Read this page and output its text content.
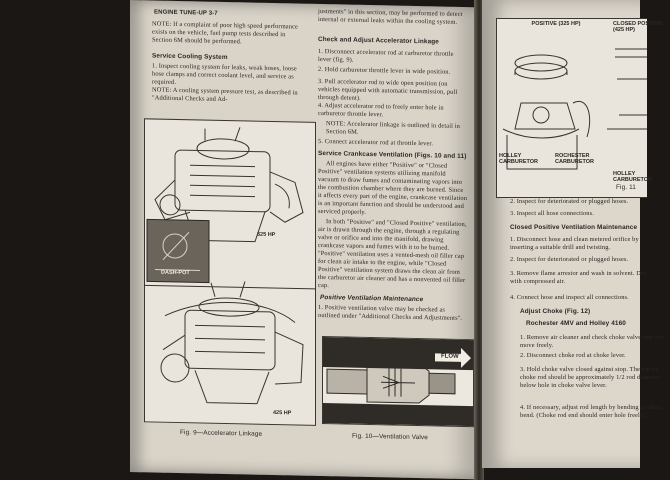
ENGINE TUNE-UP 3-7

NOTE: If a complaint of poor high speed performance exists on the vehicle, fuel pump tests described in Section 6M should be performed.

Service Cooling System

1. Inspect cooling system for leaks, weak hoses, loose hose clamps and correct coolant level, and service as required.

NOTE: A cooling system pressure test, as described in "Additional Checks and Ad-

325 HP
DASH-POT
425 HP
Fig. 9—Accelerator Linkage

justments" in this section, may be performed to detect internal or external leaks within the cooling system.

Check and Adjust Accelerator Linkage

1. Disconnect accelerator rod at carburetor throttle lever (fig. 9).

2. Hold carburetor throttle lever in wide position.

3. Pull accelerator rod to wide open position (on vehicles equipped with automatic transmission, pull through detent).

4. Adjust accelerator rod to freely enter hole in carburetor throttle lever.

NOTE: Accelerator linkage is outlined in detail in Section 6M.

5. Connect accelerator rod at throttle lever.

Service Crankcase Ventilation (Figs. 10 and 11)

All engines have either "Positive" or "Closed Positive" ventilation systems utilizing manifold vacuum to draw fumes and contaminating vapors into the combustion chamber where they are burned. Since it affects every part of the engine, crankcase ventilation is an important function and should be understood and serviced properly.

In both "Positive" and "Closed Positive" ventilation, air is drawn through the engine, through a regulating valve or orifice and into the manifold, drawing crankcase vapors and fumes with it to be burned. "Positive" ventilation uses a vented-mesh oil filler cap for clean air intake to the engine, while "Closed Positive" ventilation system draws the clean air from the carburetor air cleaner and has a nonvented oil filler cap.

Positive Ventilation Maintenance

1. Positive ventilation valve may be checked as outlined under "Additional Checks and Adjustments".

FLOW
Fig. 10—Ventilation Valve
POSITIVE (325 HP)	CLOSED POSITIVE (425 HP)
HOLLEY CARBURETOR
ROCHESTER CARBURETOR
HOLLEY CARBURETOR
Fig. 11

2. Inspect for deteriorated or plugged hoses.

3. Inspect all hose connections.

Closed Positive Ventilation Maintenance

1. Disconnect hose and clean metered orifice by inserting a suitable drill and twisting.

2. Inspect for deteriorated or plugged hoses.

3. Remove flame arrestor and wash in solvent. Dry with compressed air.

4. Connect hose and inspect all connections.

Adjust Choke (Fig. 12)
Rochester 4MV and Holley 4160

1. Remove air cleaner and check choke valve and rod move freely.

2. Disconnect choke rod at choke lever.

3. Hold choke valve closed against stop. The top of choke rod should be approximately 1/2 rod diameter below hole in choke valve lever.

4. If necessary, adjust rod length by bending at offset bend. (Choke rod end should enter hole freely.)
